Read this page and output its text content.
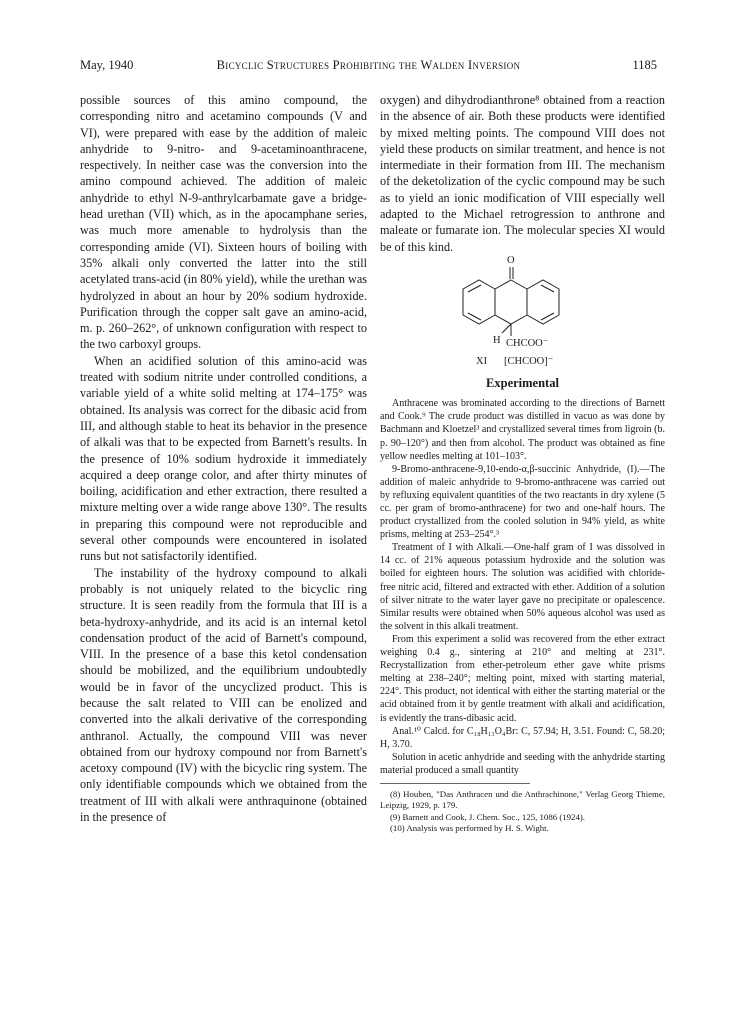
May, 1940	Bicyclic Structures Prohibiting the Walden Inversion	1185

possible sources of this amino compound, the corresponding nitro and acetamino compounds (V and VI), were prepared with ease by the addition of maleic anhydride to 9-nitro- and 9-acetaminoanthracene, respectively. In neither case was the conversion into the amino compound achieved. The addition of maleic anhydride to ethyl N-9-anthrylcarbamate gave a bridge-head urethan (VII) which, as in the apocamphane series, was much more amenable to hydrolysis than the corresponding amide (VI). Sixteen hours of boiling with 35% alkali only converted the latter into the still acetylated trans-acid (in 80% yield), while the urethan was hydrolyzed in about an hour by 20% sodium hydroxide. Purification through the copper salt gave an amino-acid, m. p. 260–262°, of unknown configuration with respect to the two carboxyl groups.

When an acidified solution of this amino-acid was treated with sodium nitrite under controlled conditions, a variable yield of a white solid melting at 174–175° was obtained. Its analysis was correct for the dibasic acid from III, and although stable to heat its behavior in the presence of alkali was that to be expected from Barnett's results. In the presence of 10% sodium hydroxide it immediately acquired a deep orange color, and after thirty minutes of boiling, acidification and ether extraction, there resulted a mixture melting over a wide range above 130°. The results in preparing this compound were not reproducible and several other compounds were encountered in isolated runs but not satisfactorily identified.

The instability of the hydroxy compound to alkali probably is not uniquely related to the bicyclic ring structure. It is seen readily from the formula that III is a beta-hydroxy-anhydride, and its acid is an internal ketol condensation product of the acid of Barnett's compound, VIII. In the presence of a base this ketol condensation should be mobilized, and the equilibrium undoubtedly would be in favor of the uncyclized product. This is because the salt related to VIII can be enolized and converted into the alkali derivative of the corresponding anthranol. Actually, the compound VIII was never obtained from our hydroxy compound nor from Barnett's acetoxy compound (IV) with the bicyclic ring system. The only identifiable compounds which we obtained from the treatment of III with alkali were anthraquinone (obtained in the presence of

oxygen) and dihydrodianthrone⁸ obtained from a reaction in the absence of air. Both these products were identified by mixed melting points. The compound VIII does not yield these products on similar treatment, and hence is not intermediate in their formation from III. The mechanism of the deketolization of the cyclic compound may be such as to yield an ionic modification of VIII especially well adapted to the Michael retrogression to anthrone and maleate or fumarate ion. The molecular species XI would be of this kind.

O
H CHCOO⁻
XI [CHCOO]⁻
Experimental

Anthracene was brominated according to the directions of Barnett and Cook.⁹ The crude product was distilled in vacuo as was done by Bachmann and Kloetzel³ and crystallized several times from ligroin (b. p. 90–120°) and then from alcohol. The product was obtained as fine yellow needles melting at 101–103°.

9-Bromo-anthracene-9,10-endo-α,β-succinic Anhydride, (I).—The addition of maleic anhydride to 9-bromo-anthracene was carried out by refluxing equivalent quantities of the two reactants in dry xylene (5 cc. per gram of bromo-anthracene) for two and one-half hours. The product crystallized from the cooled solution in 94% yield, as white prisms, melting at 253–254°.³

Treatment of I with Alkali.—One-half gram of I was dissolved in 14 cc. of 21% aqueous potassium hydroxide and the solution was boiled for eighteen hours. The solution was acidified with chloride-free nitric acid, filtered and extracted with ether. Addition of a solution of silver nitrate to the water layer gave no precipitate or opalescence. Similar results were obtained when 50% aqueous alcohol was used as the solvent in this alkali treatment.

From this experiment a solid was recovered from the ether extract weighing 0.4 g., sintering at 210° and melting at 231°. Recrystallization from ether-petroleum ether gave white prisms melting at 238–240°; melting point, mixed with starting material, 224°. This product, not identical with either the starting material or the acid obtained from it by gentle treatment with alkali and acidification, is evidently the trans-dibasic acid.

Anal.¹⁰ Calcd. for C₁₈H₁₃O₄Br: C, 57.94; H, 3.51. Found: C, 58.20; H, 3.70.

Solution in acetic anhydride and seeding with the anhydride starting material produced a small quantity

(8) Houben, "Das Anthracen und die Anthrachinone," Verlag Georg Thieme, Leipzig, 1929, p. 179.

(9) Barnett and Cook, J. Chem. Soc., 125, 1086 (1924).

(10) Analysis was performed by H. S. Wight.
